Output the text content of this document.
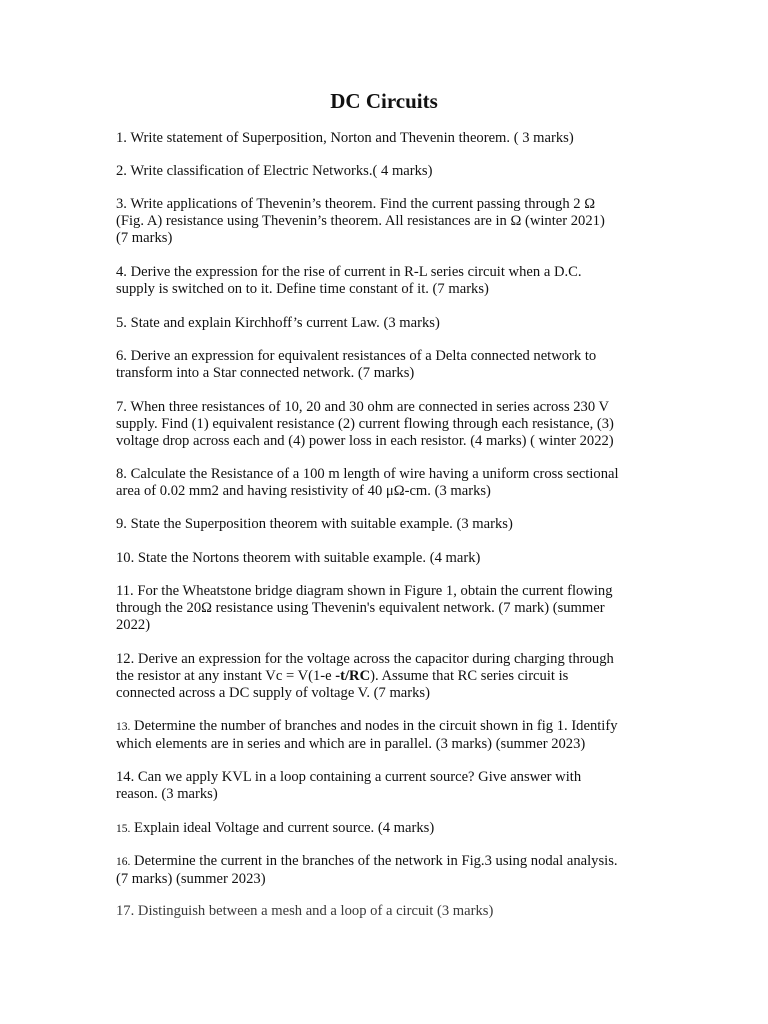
DC Circuits
1. Write statement of Superposition, Norton and Thevenin theorem. ( 3 marks)
2. Write classification of Electric Networks.( 4 marks)
3. Write applications of Thevenin’s theorem. Find the current passing through 2 Ω
(Fig. A) resistance using Thevenin’s theorem. All resistances are in Ω (winter 2021)
(7 marks)
4. Derive the expression for the rise of current in R-L series circuit when a D.C.
supply is switched on to it. Define time constant of it. (7 marks)
5. State and explain Kirchhoff’s current Law. (3 marks)
6. Derive an expression for equivalent resistances of a Delta connected network to
transform into a Star connected network. (7 marks)
7. When three resistances of 10, 20 and 30 ohm are connected in series across 230 V
supply. Find (1) equivalent resistance (2) current flowing through each resistance, (3)
voltage drop across each and (4) power loss in each resistor. (4 marks) ( winter 2022)
8. Calculate the Resistance of a 100 m length of wire having a uniform cross sectional
area of 0.02 mm2 and having resistivity of 40 μΩ-cm. (3 marks)
9. State the Superposition theorem with suitable example. (3 marks)
10. State the Nortons theorem with suitable example. (4 mark)
11. For the Wheatstone bridge diagram shown in Figure 1, obtain the current flowing
through the 20Ω resistance using Thevenin's equivalent network. (7 mark) (summer
2022)
12. Derive an expression for the voltage across the capacitor during charging through
the resistor at any instant Vc = V(1-e -t/RC). Assume that RC series circuit is
connected across a DC supply of voltage V. (7 marks)
13. Determine the number of branches and nodes in the circuit shown in fig 1. Identify
which elements are in series and which are in parallel. (3 marks) (summer 2023)
14. Can we apply KVL in a loop containing a current source? Give answer with
reason. (3 marks)
15. Explain ideal Voltage and current source. (4 marks)
16. Determine the current in the branches of the network in Fig.3 using nodal analysis.
(7 marks) (summer 2023)
17. Distinguish between a mesh and a loop of a circuit (3 marks)
